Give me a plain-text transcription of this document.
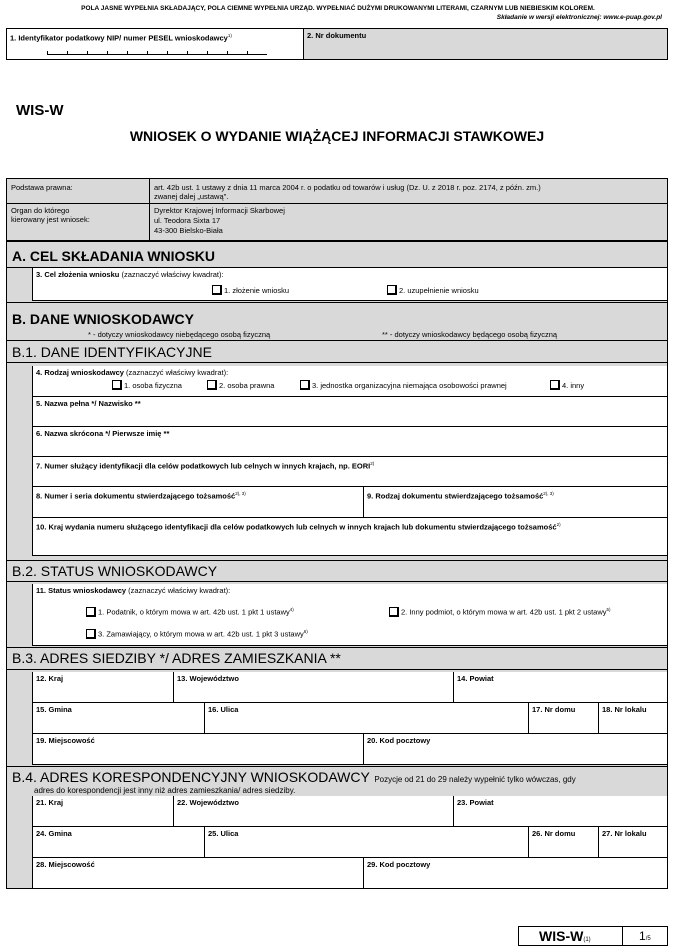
POLA JASNE WYPEŁNIA SKŁADAJĄCY, POLA CIEMNE WYPEŁNIA URZĄD. WYPEŁNIAĆ DUŻYMI DRUKOWANYMI LITERAMI, CZARNYM LUB NIEBIESKIM KOLOREM.
Składanie w wersji elektronicznej: www.e-puap.gov.pl
1. Identyfikator podatkowy NIP/ numer PESEL wnioskodawcy$^{1)}$	2. Nr dokumentu
WIS-W
WNIOSEK O WYDANIE WIĄŻĄCEJ INFORMACJI STAWKOWEJ
Podstawa prawna:	art. 42b ust. 1 ustawy z dnia 11 marca 2004 r. o podatku od towarów i usług (Dz. U. z 2018 r. poz. 2174, z późn. zm.)
zwanej dalej „ustawą".
Organ do którego
kierowany jest wniosek:
Dyrektor Krajowej Informacji Skarbowej
ul. Teodora Sixta 17
43-300 Bielsko-Biała
A. CEL SKŁADANIA WNIOSKU
3. Cel złożenia wniosku (zaznaczyć właściwy kwadrat):
1. złożenie wniosku	2. uzupełnienie wniosku
B. DANE WNIOSKODAWCY
* - dotyczy wnioskodawcy niebędącego osobą fizyczną	** - dotyczy wnioskodawcy będącego osobą fizyczną
B.1. DANE IDENTYFIKACYJNE
4. Rodzaj wnioskodawcy (zaznaczyć właściwy kwadrat):
1. osoba fizyczna	2. osoba prawna	3. jednostka organizacyjna niemająca osobowości prawnej	4. inny
5. Nazwa pełna */ Nazwisko **
6. Nazwa skrócona */ Pierwsze imię **
7. Numer służący identyfikacji dla celów podatkowych lub celnych w innych krajach, np. EORI$^{2)}$
8. Numer i seria dokumentu stwierdzającego tożsamość$^{2), 3)}$	9. Rodzaj dokumentu stwierdzającego tożsamość$^{2), 3)}$
10. Kraj wydania numeru służącego identyfikacji dla celów podatkowych lub celnych w innych krajach lub dokumentu stwierdzającego tożsamość$^{2)}$
B.2. STATUS WNIOSKODAWCY
11. Status wnioskodawcy (zaznaczyć właściwy kwadrat):
1. Podatnik, o którym mowa w art. 42b ust. 1 pkt 1 ustawy$^{4)}$	2. Inny podmiot, o którym mowa w art. 42b ust. 1 pkt 2 ustawy$^{5)}$
3. Zamawiający, o którym mowa w art. 42b ust. 1 pkt 3 ustawy$^{6)}$
B.3. ADRES SIEDZIBY */ ADRES ZAMIESZKANIA **
12. Kraj	13. Województwo	14. Powiat
15. Gmina	16. Ulica	17. Nr domu	18. Nr lokalu
19. Miejscowość	20. Kod pocztowy
B.4. ADRES KORESPONDENCYJNY WNIOSKODAWCY Pozycje od 21 do 29 należy wypełnić tylko wówczas, gdy
adres do korespondencji jest inny niż adres zamieszkania/ adres siedziby.
21. Kraj	22. Województwo	23. Powiat
24. Gmina	25. Ulica	26. Nr domu	27. Nr lokalu
28. Miejscowość	29. Kod pocztowy
WIS-W(1)	1/5
